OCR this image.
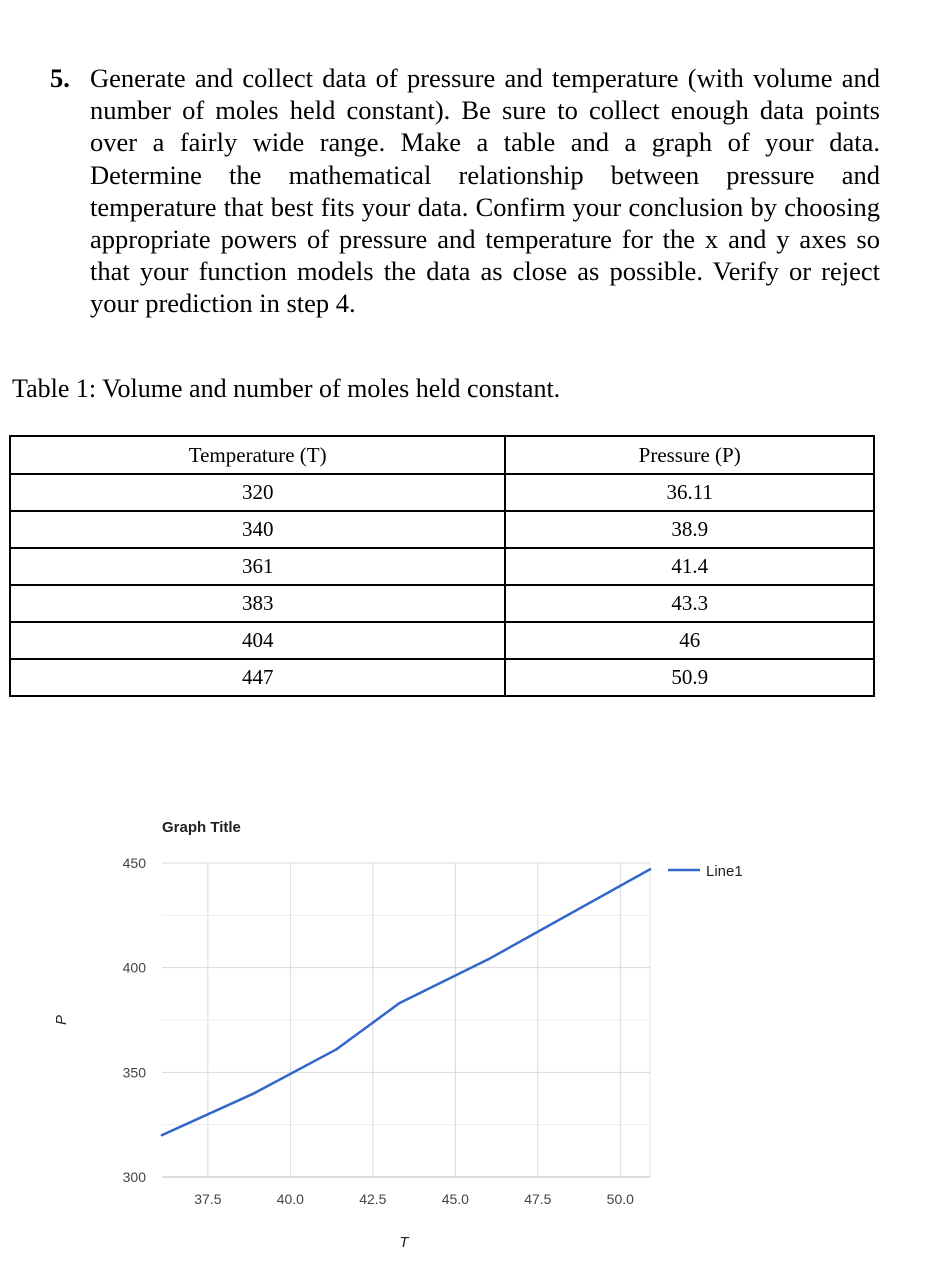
5. Generate and collect data of pressure and temperature (with volume and number of moles held constant). Be sure to collect enough data points over a fairly wide range. Make a table and a graph of your data. Determine the mathematical relationship between pressure and temperature that best fits your data. Confirm your conclusion by choosing appropriate powers of pressure and temperature for the x and y axes so that your function models the data as close as possible. Verify or reject your prediction in step 4.
Table 1: Volume and number of moles held constant.
Temperature (T)	Pressure (P)
320	36.11
340	38.9
361	41.4
383	43.3
404	46
447	50.9
Graph Title
300
350
400
450
37.5	40.0	42.5	45.0	47.5	50.0
T
P
Line1
